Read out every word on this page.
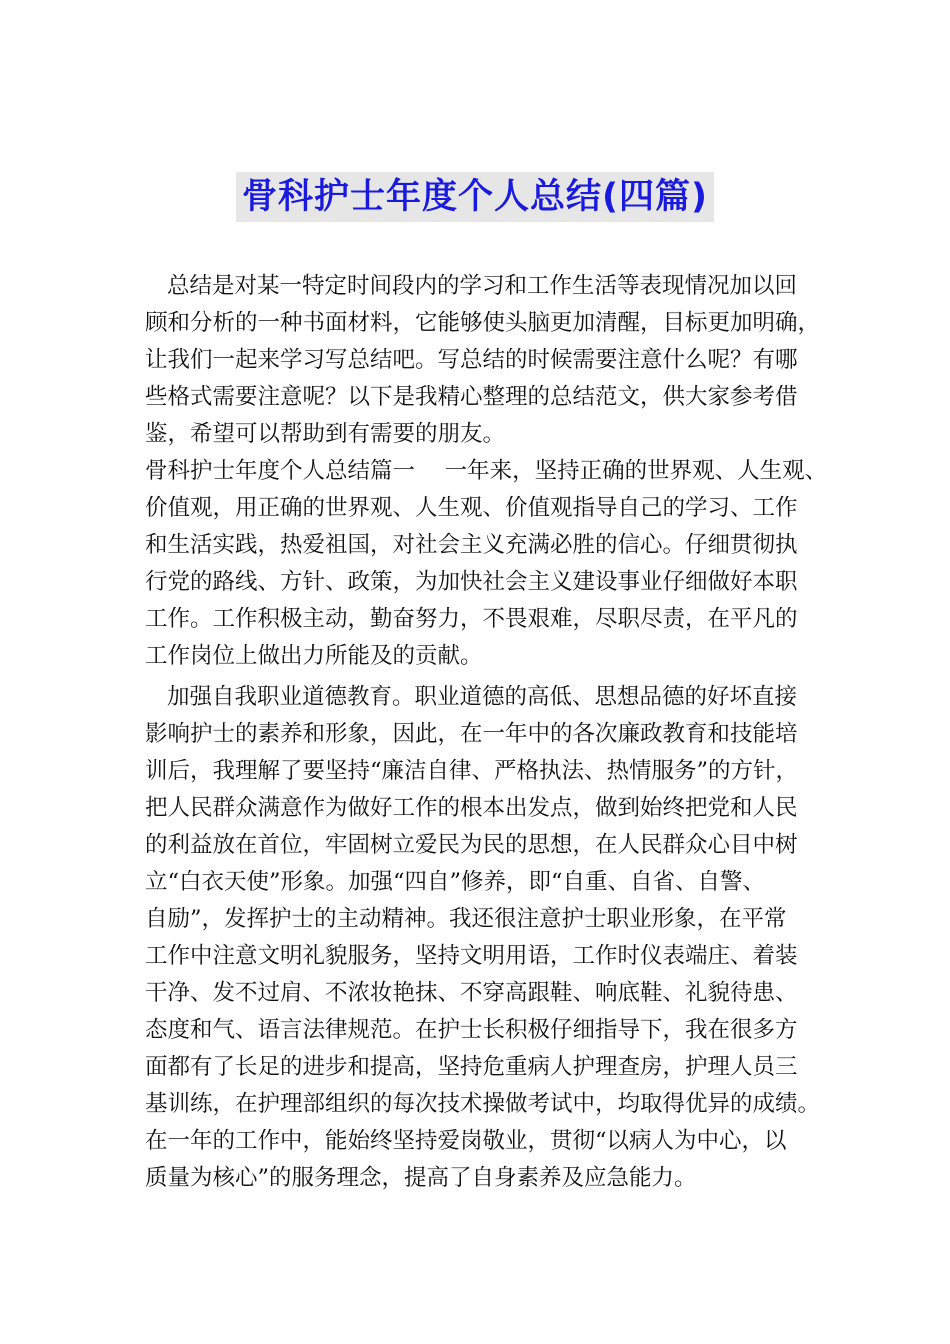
骨科护士年度个人总结(四篇)
总结是对某一特定时间段内的学习和工作生活等表现情况加以回
顾和分析的一种书面材料，它能够使头脑更加清醒，目标更加明确，
让我们一起来学习写总结吧。写总结的时候需要注意什么呢？有哪
些格式需要注意呢？以下是我精心整理的总结范文，供大家参考借
鉴，希望可以帮助到有需要的朋友。
骨科护士年度个人总结篇一　 一年来，坚持正确的世界观、人生观、
价值观，用正确的世界观、人生观、价值观指导自己的学习、工作
和生活实践，热爱祖国，对社会主义充满必胜的信心。仔细贯彻执
行党的路线、方针、政策，为加快社会主义建设事业仔细做好本职
工作。工作积极主动，勤奋努力，不畏艰难，尽职尽责，在平凡的
工作岗位上做出力所能及的贡献。
加强自我职业道德教育。职业道德的高低、思想品德的好坏直接
影响护士的素养和形象，因此，在一年中的各次廉政教育和技能培
训后，我理解了要坚持“廉洁自律、严格执法、热情服务”的方针，
把人民群众满意作为做好工作的根本出发点，做到始终把党和人民
的利益放在首位，牢固树立爱民为民的思想，在人民群众心目中树
立“白衣天使”形象。加强“四自”修养，即“自重、自省、自警、
自励”，发挥护士的主动精神。我还很注意护士职业形象，在平常
工作中注意文明礼貌服务，坚持文明用语，工作时仪表端庄、着装
干净、发不过肩、不浓妆艳抹、不穿高跟鞋、响底鞋、礼貌待患、
态度和气、语言法律规范。在护士长积极仔细指导下，我在很多方
面都有了长足的进步和提高，坚持危重病人护理查房，护理人员三
基训练，在护理部组织的每次技术操做考试中，均取得优异的成绩。
在一年的工作中，能始终坚持爱岗敬业，贯彻“以病人为中心，以
质量为核心”的服务理念，提高了自身素养及应急能力。
